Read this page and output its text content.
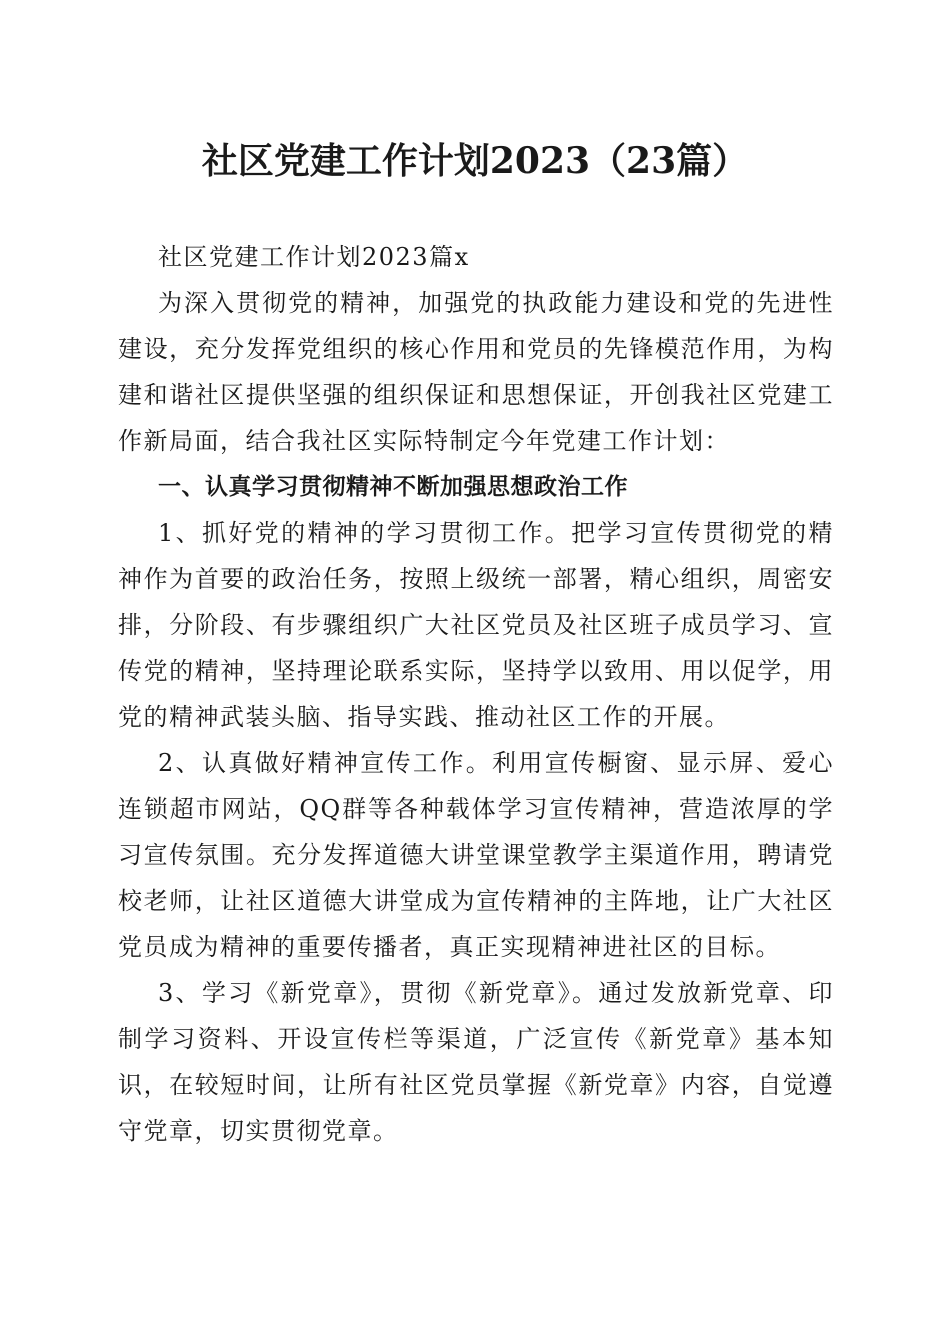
社区党建工作计划2023（23篇）

社区党建工作计划2023篇x

为深入贯彻党的精神，加强党的执政能力建设和党的先进性建设，充分发挥党组织的核心作用和党员的先锋模范作用，为构建和谐社区提供坚强的组织保证和思想保证，开创我社区党建工作新局面，结合我社区实际特制定今年党建工作计划：

一、认真学习贯彻精神不断加强思想政治工作

1、抓好党的精神的学习贯彻工作。把学习宣传贯彻党的精神作为首要的政治任务，按照上级统一部署，精心组织，周密安排，分阶段、有步骤组织广大社区党员及社区班子成员学习、宣传党的精神，坚持理论联系实际，坚持学以致用、用以促学，用党的精神武装头脑、指导实践、推动社区工作的开展。

2、认真做好精神宣传工作。利用宣传橱窗、显示屏、爱心连锁超市网站，QQ群等各种载体学习宣传精神，营造浓厚的学习宣传氛围。充分发挥道德大讲堂课堂教学主渠道作用，聘请党校老师，让社区道德大讲堂成为宣传精神的主阵地，让广大社区党员成为精神的重要传播者，真正实现精神进社区的目标。

3、学习《新党章》，贯彻《新党章》。通过发放新党章、印制学习资料、开设宣传栏等渠道，广泛宣传《新党章》基本知识，在较短时间，让所有社区党员掌握《新党章》内容，自觉遵守党章，切实贯彻党章。
